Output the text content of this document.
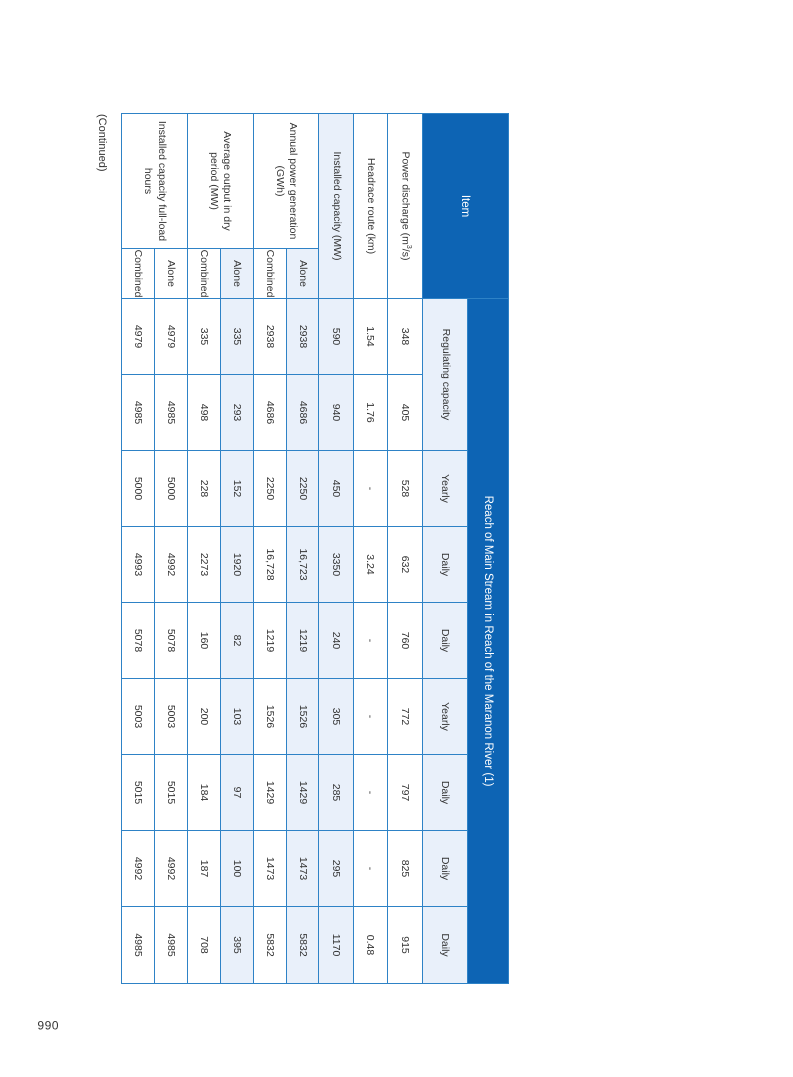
066
(Continued)
Item		Reach of Main Stream in Reach of the Maranon River (1)									
		Regulating capacity		Yearly	Daily	Daily	Yearly	Daily	Daily	Daily		
Power discharge $(m^3/s)$		348	405	528	632	760	772	797	825	915	
Headrace route (km)		1.54	1.76	-	3.24	-	-	-	-	0.48	
Installed capacity (MW)		590	940	450	3350	240	305	285	295	1170	
Annual power generation (GWh)	Alone	2938	4686	2250	16,723	1219	1526	1429	1473	5832	
	Combined	2938	4686	2250	16,728	1219	1526	1429	1473	5832	
Average output in dry period (MW)	Alone	335	293	152	1920	82	103	97	100	395	
	Combined	335	498	228	2273	160	200	184	187	708	
Installed capacity full-load hours	Alone	4979	4985	5000	4992	5078	5003	5015	4992	4985	
	Combined	4979	4985	5000	4993	5078	5003	5015	4992	4985	
